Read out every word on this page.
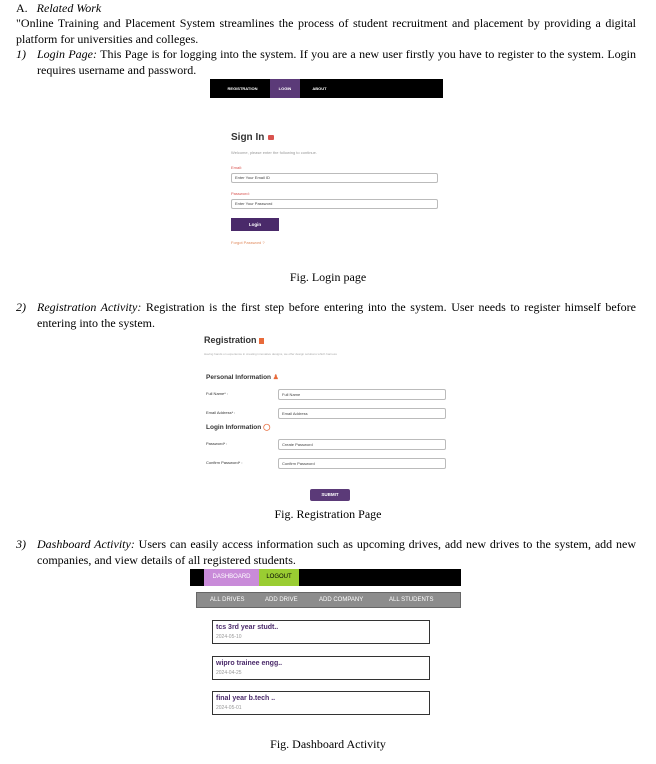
A. Related Work
"Online Training and Placement System streamlines the process of student recruitment and placement by providing a digital platform for universities and colleges.
1) Login Page: This Page is for logging into the system. If you are a new user firstly you have to register to the system. Login requires username and password.
REGISTRATION	LOGIN	ABOUT
Sign In
Welcome, please enter the following to continue.
Email:
Enter Your Email ID
Password:
Enter Your Password
Login
Forgot Password ?
Fig. Login page
2) Registration Activity: Registration is the first step before entering into the system. User needs to register himself before entering into the system.
Registration
Having hands on experience in creating innovative designs, we offer design solutions which harness
Personal Information ♟
Full Name* :	Full Name
Email Address* :	Email Address
Login Information ◯
Password* :	Create Password
Confirm Password* :	Confirm Password
SUBMIT
Fig. Registration Page
3) Dashboard Activity: Users can easily access information such as upcoming drives, add new drives to the system, add new companies, and view details of all registered students.
DASHBOARD	LOGOUT
ALL DRIVES	ADD DRIVE	ADD COMPANY	ALL STUDENTS
tcs 3rd year studt..
2024-05-10
wipro trainee engg..
2024-04-25
final year b.tech ..
2024-05-01
Fig. Dashboard Activity
